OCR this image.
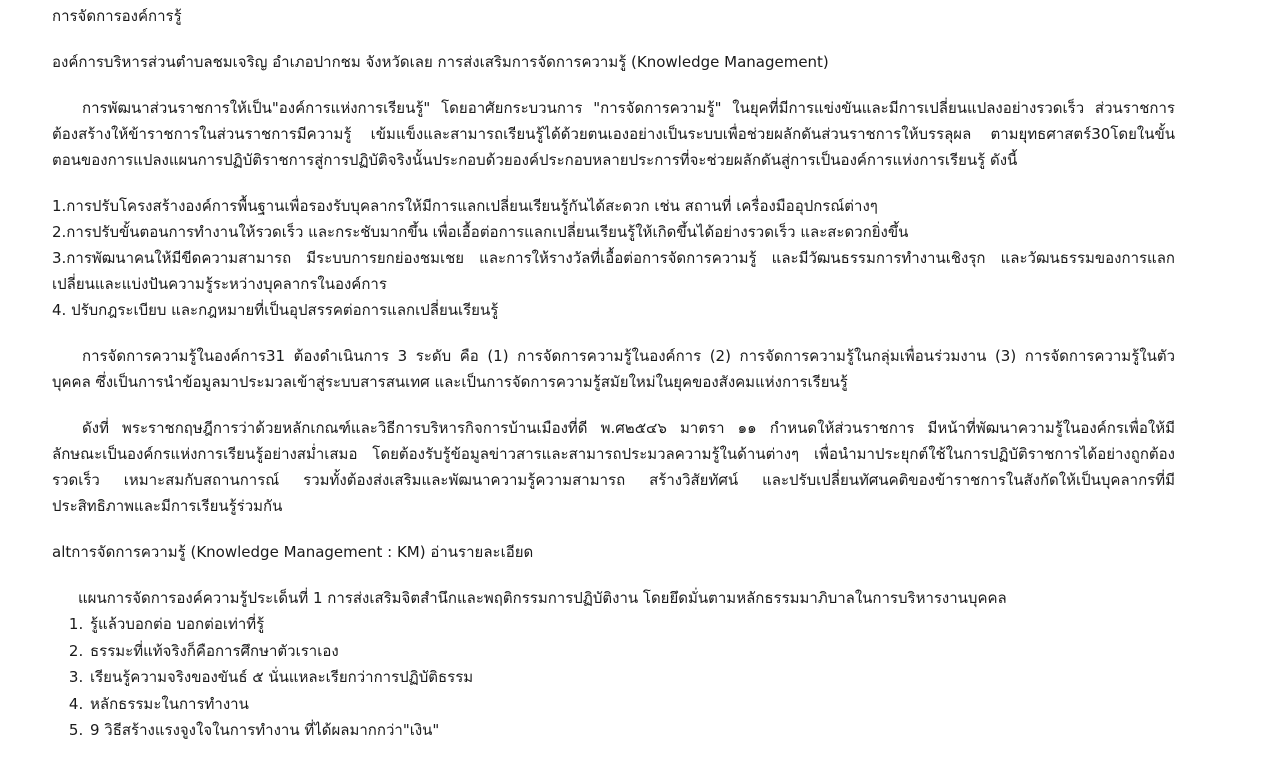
การจัดการองค์การรู้

องค์การบริหารส่วนตำบลชมเจริญ อำเภอปากชม จังหวัดเลย การส่งเสริมการจัดการความรู้ (Knowledge Management)

การพัฒนาส่วนราชการให้เป็น"องค์การแห่งการเรียนรู้" โดยอาศัยกระบวนการ "การจัดการความรู้" ในยุคที่มีการแข่งขันและมีการเปลี่ยนแปลงอย่างรวดเร็ว ส่วนราชการต้องสร้างให้ข้าราชการในส่วนราชการมีความรู้ เข้มแข็งและสามารถเรียนรู้ได้ด้วยตนเองอย่างเป็นระบบเพื่อช่วยผลักดันส่วนราชการให้บรรลุผล ตามยุทธศาสตร์30โดยในขั้นตอนของการแปลงแผนการปฏิบัติราชการสู่การปฏิบัติจริงนั้นประกอบด้วยองค์ประกอบหลายประการที่จะช่วยผลักดันสู่การเป็นองค์การแห่งการเรียนรู้ ดังนี้

1.การปรับโครงสร้างองค์การพื้นฐานเพื่อรองรับบุคลากรให้มีการแลกเปลี่ยนเรียนรู้กันได้สะดวก เช่น สถานที่ เครื่องมืออุปกรณ์ต่างๆ

2.การปรับขั้นตอนการทำงานให้รวดเร็ว และกระชับมากขึ้น เพื่อเอื้อต่อการแลกเปลี่ยนเรียนรู้ให้เกิดขึ้นได้อย่างรวดเร็ว และสะดวกยิ่งขึ้น

3.การพัฒนาคนให้มีขีดความสามารถ มีระบบการยกย่องชมเชย และการให้รางวัลที่เอื้อต่อการจัดการความรู้ และมีวัฒนธรรมการทำงานเชิงรุก และวัฒนธรรมของการแลกเปลี่ยนและแบ่งปันความรู้ระหว่างบุคลากรในองค์การ

4. ปรับกฎระเบียบ และกฎหมายที่เป็นอุปสรรคต่อการแลกเปลี่ยนเรียนรู้

การจัดการความรู้ในองค์การ31 ต้องดำเนินการ 3 ระดับ คือ (1) การจัดการความรู้ในองค์การ (2) การจัดการความรู้ในกลุ่มเพื่อนร่วมงาน (3) การจัดการความรู้ในตัวบุคคล ซึ่งเป็นการนำข้อมูลมาประมวลเข้าสู่ระบบสารสนเทศ และเป็นการจัดการความรู้สมัยใหม่ในยุคของสังคมแห่งการเรียนรู้

ดังที่ พระราชกฤษฎีการว่าด้วยหลักเกณฑ์และวิธีการบริหารกิจการบ้านเมืองที่ดี พ.ศ๒๕๔๖ มาตรา ๑๑ กำหนดให้ส่วนราชการ มีหน้าที่พัฒนาความรู้ในองค์กรเพื่อให้มีลักษณะเป็นองค์กรแห่งการเรียนรู้อย่างสม่ำเสมอ โดยต้องรับรู้ข้อมูลข่าวสารและสามารถประมวลความรู้ในด้านต่างๆ เพื่อนำมาประยุกต์ใช้ในการปฏิบัติราชการได้อย่างถูกต้อง รวดเร็ว เหมาะสมกับสถานการณ์ รวมทั้งต้องส่งเสริมและพัฒนาความรู้ความสามารถ สร้างวิสัยทัศน์ และปรับเปลี่ยนทัศนคติของข้าราชการในสังกัดให้เป็นบุคลากรที่มีประสิทธิภาพและมีการเรียนรู้ร่วมกัน

altการจัดการความรู้ (Knowledge Management : KM) อ่านรายละเอียด

แผนการจัดการองค์ความรู้ประเด็นที่ 1 การส่งเสริมจิตสำนึกและพฤติกรรมการปฏิบัติงาน โดยยึดมั่นตามหลักธรรมมาภิบาลในการบริหารงานบุคคล

1. รู้แล้วบอกต่อ บอกต่อเท่าที่รู้
2. ธรรมะที่แท้จริงก็คือการศึกษาตัวเราเอง
3. เรียนรู้ความจริงของขันธ์ ๕ นั่นแหละเรียกว่าการปฏิบัติธรรม
4. หลักธรรมะในการทำงาน
5. 9 วิธีสร้างแรงจูงใจในการทำงาน ที่ได้ผลมากกว่า"เงิน"
